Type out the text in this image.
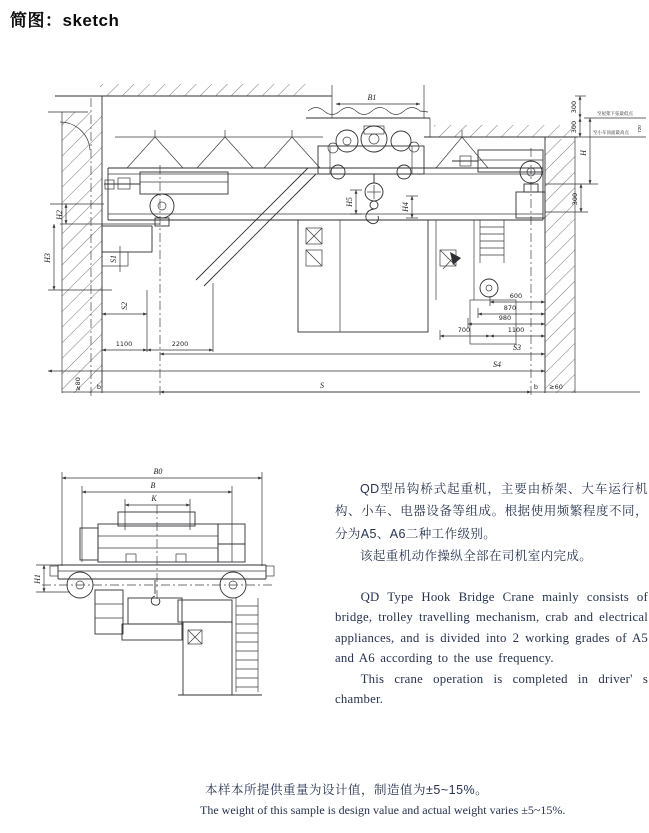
简图：sketch
B1
H5
H4
H2
H3	S1
S2
1100	2200
600
870
980
700	1100
S3
S4
S
b
≥80	b ≥60
300
300
至屋架下弦最低点
至小车顶面最高点 720
H
300
B0
B
K
H1

QD型吊钩桥式起重机，主要由桥架、大车运行机构、小车、电器设备等组成。根据使用频繁程度不同，分为A5、A6二种工作级别。

该起重机动作操纵全部在司机室内完成。

QD Type Hook Bridge Crane mainly consists of bridge, trolley travelling mechanism, crab and electrical appliances, and is divided into 2 working grades of A5 and A6 according to the use frequency.

This crane operation is completed in driver' s chamber.

本样本所提供重量为设计值，制造值为±5~15%。

The weight of this sample is design value and actual weight varies ±5~15%.
